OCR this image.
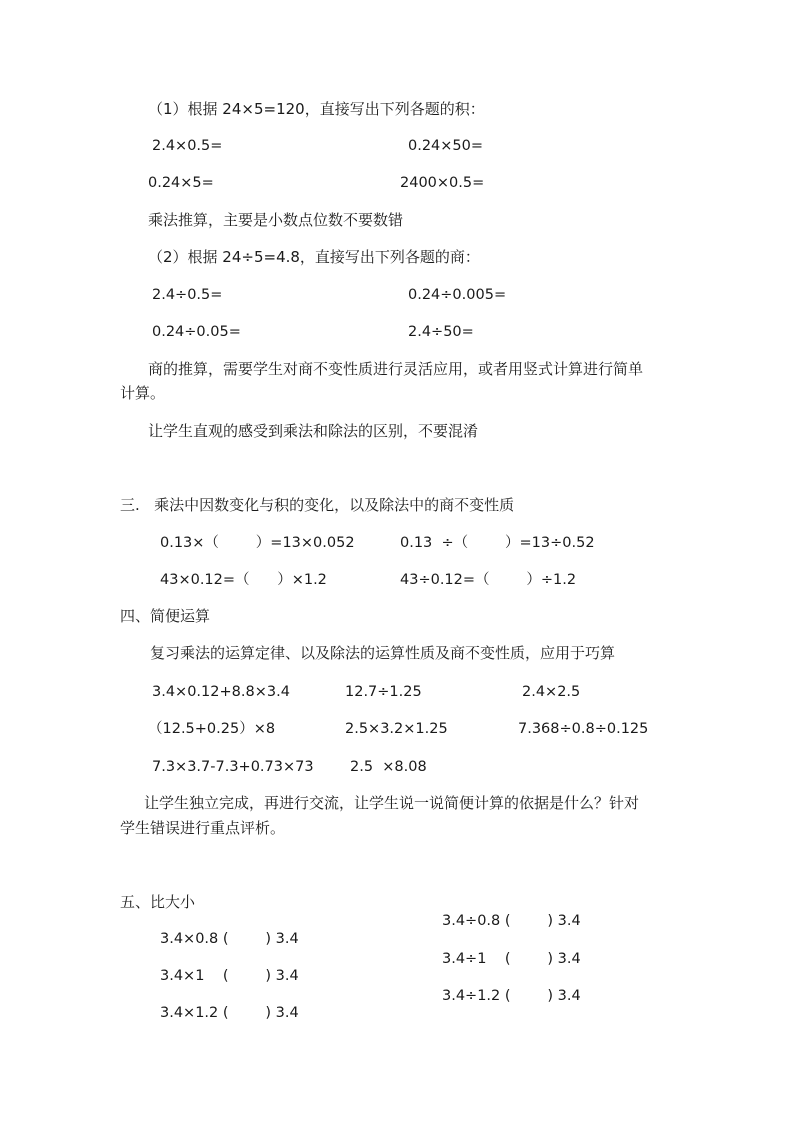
（1）根据 24×5=120，直接写出下列各题的积：
2.4×0.5=	0.24×50=
0.24×5=	2400×0.5=
乘法推算，主要是小数点位数不要数错
（2）根据 24÷5=4.8，直接写出下列各题的商：
2.4÷0.5=	0.24÷0.005=
0.24÷0.05=	2.4÷50=
商的推算，需要学生对商不变性质进行灵活应用，或者用竖式计算进行简单
计算。
让学生直观的感受到乘法和除法的区别，不要混淆
三.   乘法中因数变化与积的变化，以及除法中的商不变性质
0.13×（        ）=13×0.052	0.13  ÷（        ）=13÷0.52
43×0.12=（      ）×1.2	43÷0.12=（        ）÷1.2
四、简便运算
复习乘法的运算定律、以及除法的运算性质及商不变性质，应用于巧算
3.4×0.12+8.8×3.4	12.7÷1.25	2.4×2.5
（12.5+0.25）×8	2.5×3.2×1.25	7.368÷0.8÷0.125
7.3×3.7-7.3+0.73×73	2.5  ×8.08
让学生独立完成，再进行交流，让学生说一说简便计算的依据是什么？针对
学生错误进行重点评析。
五、比大小
3.4×0.8 (        ) 3.4
3.4×1    (        ) 3.4
3.4×1.2 (        ) 3.4
3.4÷0.8 (        ) 3.4
3.4÷1    (        ) 3.4
3.4÷1.2 (        ) 3.4
